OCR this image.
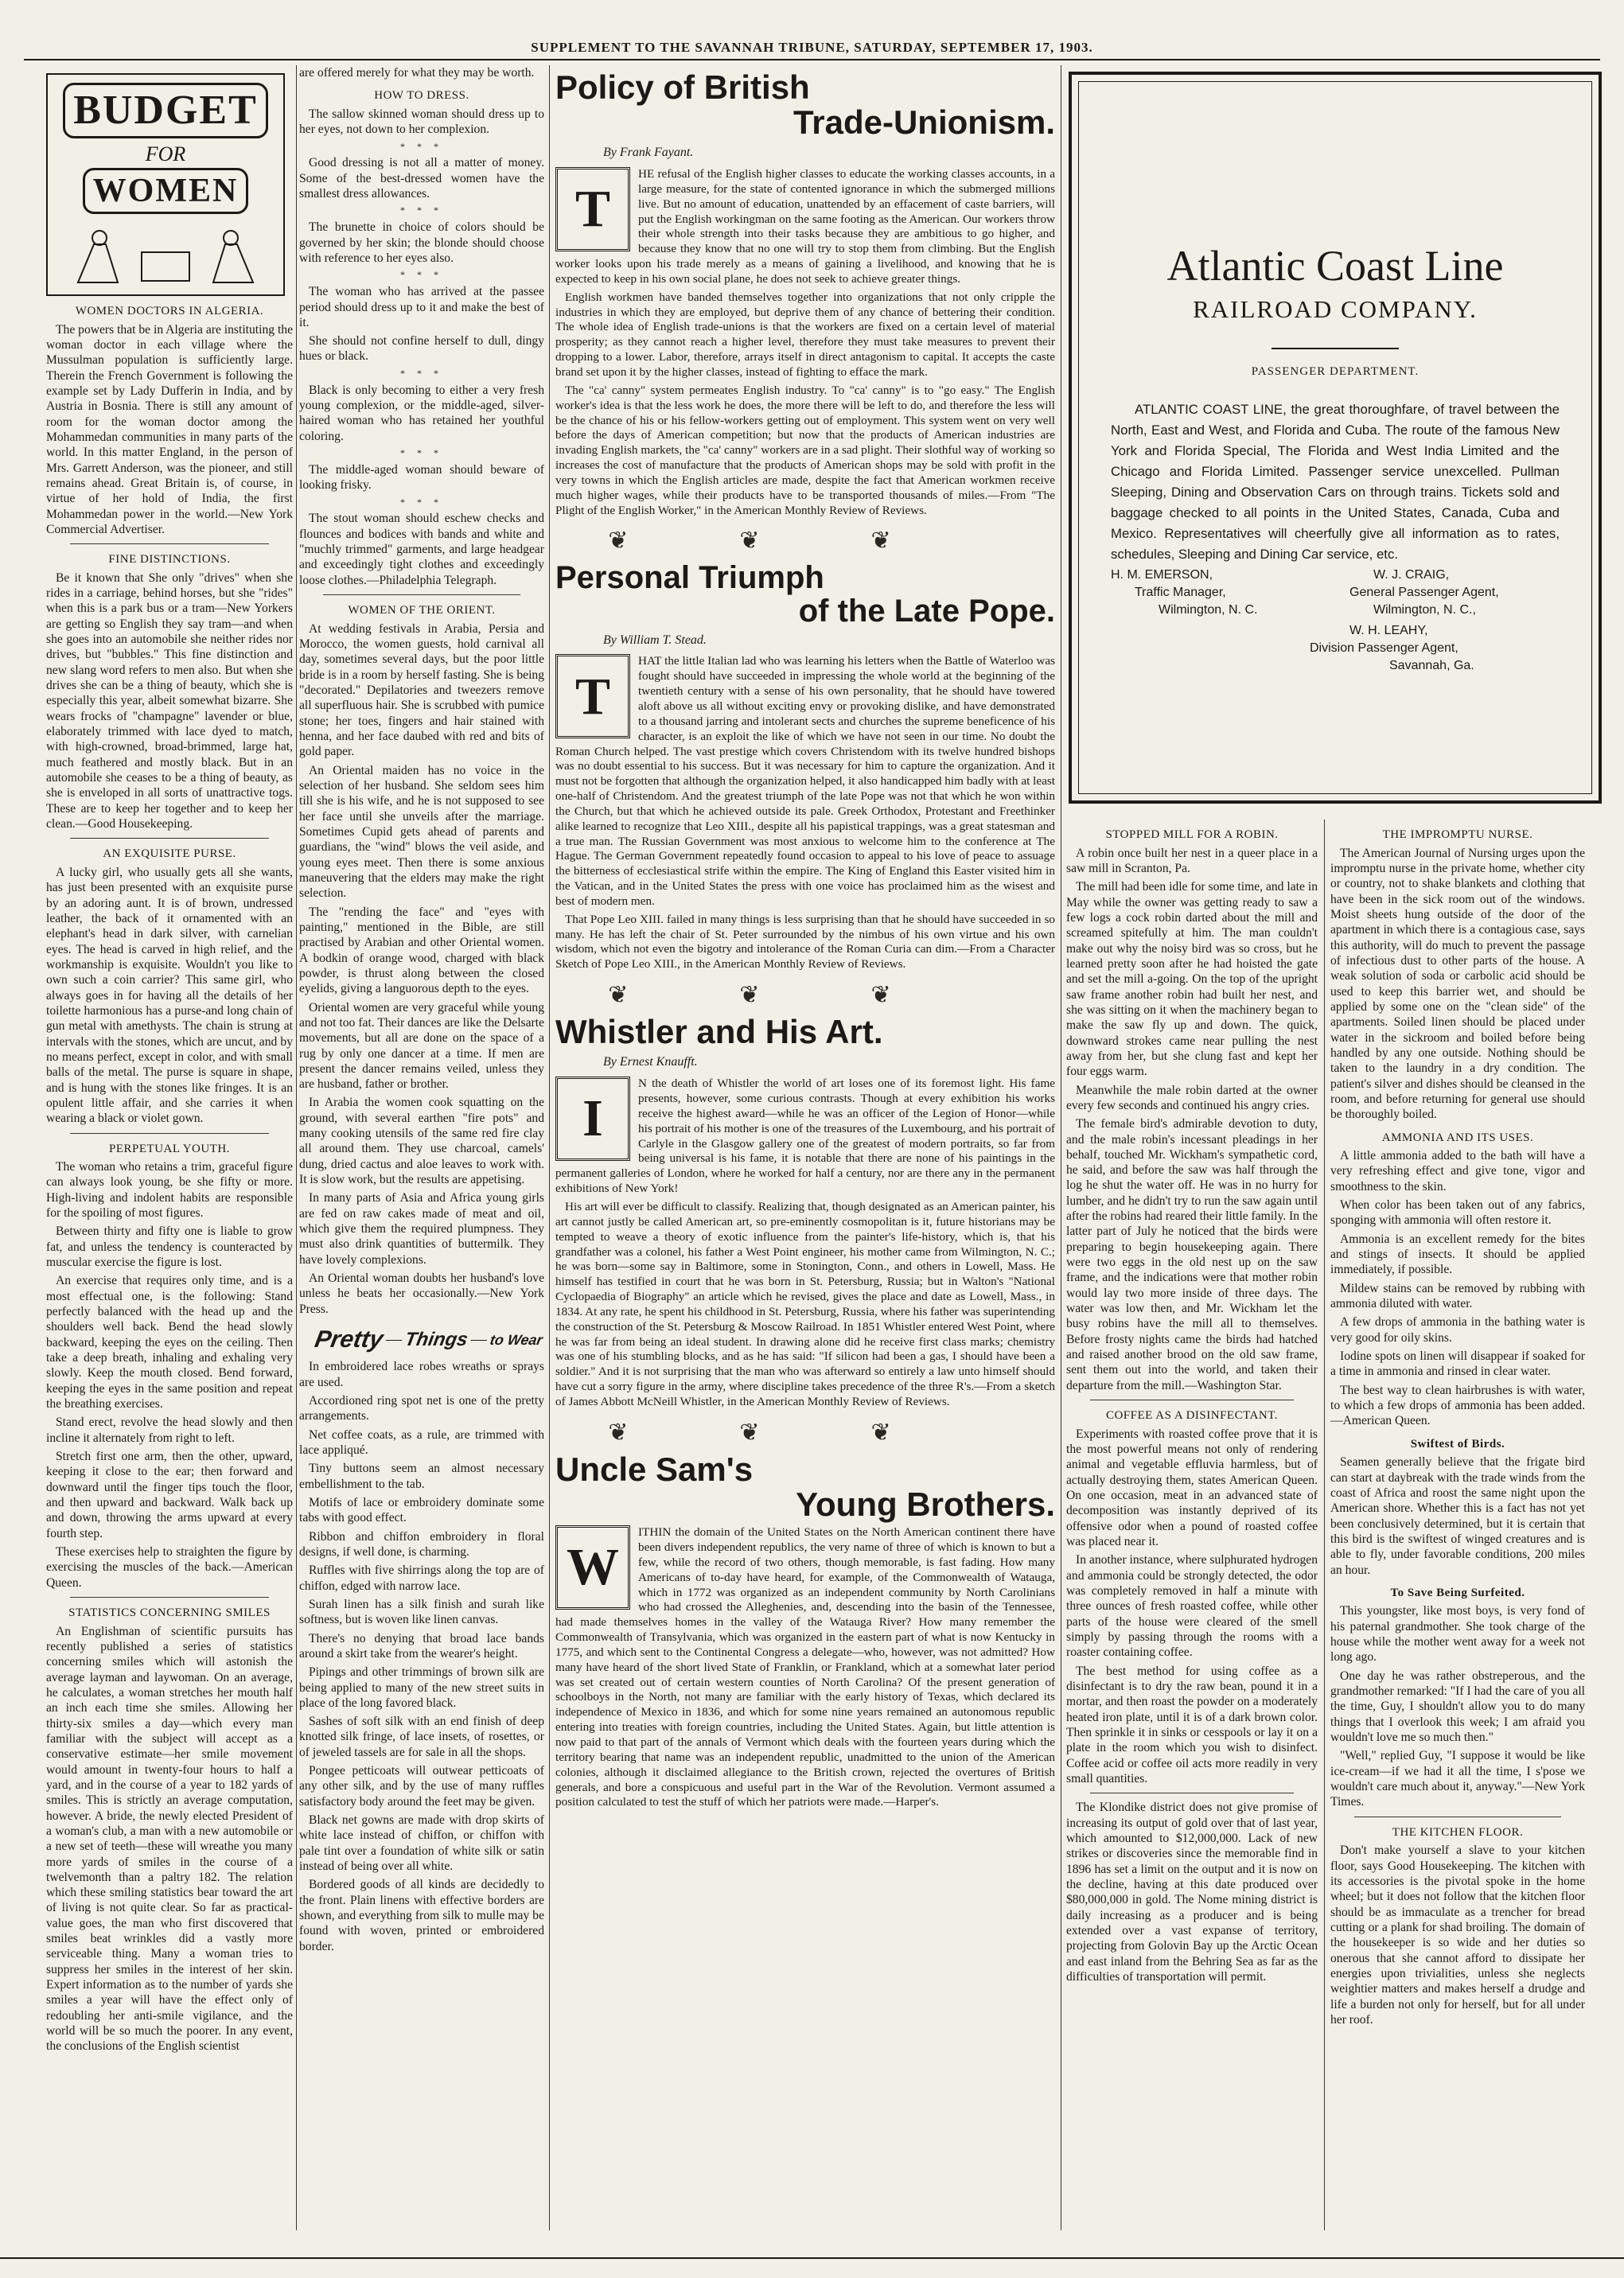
SUPPLEMENT TO THE SAVANNAH TRIBUNE, SATURDAY, SEPTEMBER 17, 1903.
BUDGET
FOR
WOMEN
WOMEN DOCTORS IN ALGERIA.

The powers that be in Algeria are instituting the woman doctor in each village where the Mussulman population is sufficiently large. Therein the French Government is following the example set by Lady Dufferin in India, and by Austria in Bosnia. There is still any amount of room for the woman doctor among the Mohammedan communities in many parts of the world. In this matter England, in the person of Mrs. Garrett Anderson, was the pioneer, and still remains ahead. Great Britain is, of course, in virtue of her hold of India, the first Mohammedan power in the world.—New York Commercial Advertiser.

FINE DISTINCTIONS.

Be it known that She only "drives" when she rides in a carriage, behind horses, but she "rides" when this is a park bus or a tram—New Yorkers are getting so English they say tram—and when she goes into an automobile she neither rides nor drives, but "bubbles." This fine distinction and new slang word refers to men also. But when she drives she can be a thing of beauty, which she is especially this year, albeit somewhat bizarre. She wears frocks of "champagne" lavender or blue, elaborately trimmed with lace dyed to match, with high-crowned, broad-brimmed, large hat, much feathered and mostly black. But in an automobile she ceases to be a thing of beauty, as she is enveloped in all sorts of unattractive togs. These are to keep her together and to keep her clean.—Good Housekeeping.

AN EXQUISITE PURSE.

A lucky girl, who usually gets all she wants, has just been presented with an exquisite purse by an adoring aunt. It is of brown, undressed leather, the back of it ornamented with an elephant's head in dark silver, with carnelian eyes. The head is carved in high relief, and the workmanship is exquisite. Wouldn't you like to own such a coin carrier? This same girl, who always goes in for having all the details of her toilette harmonious has a purse-and long chain of gun metal with amethysts. The chain is strung at intervals with the stones, which are uncut, and by no means perfect, except in color, and with small balls of the metal. The purse is square in shape, and is hung with the stones like fringes. It is an opulent little affair, and she carries it when wearing a black or violet gown.

PERPETUAL YOUTH.

The woman who retains a trim, graceful figure can always look young, be she fifty or more. High-living and indolent habits are responsible for the spoiling of most figures.

Between thirty and fifty one is liable to grow fat, and unless the tendency is counteracted by muscular exercise the figure is lost.

An exercise that requires only time, and is a most effectual one, is the following: Stand perfectly balanced with the head up and the shoulders well back. Bend the head slowly backward, keeping the eyes on the ceiling. Then take a deep breath, inhaling and exhaling very slowly. Keep the mouth closed. Bend forward, keeping the eyes in the same position and repeat the breathing exercises.

Stand erect, revolve the head slowly and then incline it alternately from right to left.

Stretch first one arm, then the other, upward, keeping it close to the ear; then forward and downward until the finger tips touch the floor, and then upward and backward. Walk back up and down, throwing the arms upward at every fourth step.

These exercises help to straighten the figure by exercising the muscles of the back.—American Queen.

STATISTICS CONCERNING SMILES

An Englishman of scientific pursuits has recently published a series of statistics concerning smiles which will astonish the average layman and laywoman. On an average, he calculates, a woman stretches her mouth half an inch each time she smiles. Allowing her thirty-six smiles a day—which every man familiar with the subject will accept as a conservative estimate—her smile movement would amount in twenty-four hours to half a yard, and in the course of a year to 182 yards of smiles. This is strictly an average computation, however. A bride, the newly elected President of a woman's club, a man with a new automobile or a new set of teeth—these will wreathe you many more yards of smiles in the course of a twelvemonth than a paltry 182. The relation which these smiling statistics bear toward the art of living is not quite clear. So far as practical-value goes, the man who first discovered that smiles beat wrinkles did a vastly more serviceable thing. Many a woman tries to suppress her smiles in the interest of her skin. Expert information as to the number of yards she smiles a year will have the effect only of redoubling her anti-smile vigilance, and the world will be so much the poorer. In any event, the conclusions of the English scientist

are offered merely for what they may be worth.

HOW TO DRESS.

The sallow skinned woman should dress up to her eyes, not down to her complexion.

* * *

Good dressing is not all a matter of money. Some of the best-dressed women have the smallest dress allowances.

* * *

The brunette in choice of colors should be governed by her skin; the blonde should choose with reference to her eyes also.

* * *

The woman who has arrived at the passee period should dress up to it and make the best of it.

She should not confine herself to dull, dingy hues or black.

* * *

Black is only becoming to either a very fresh young complexion, or the middle-aged, silver-haired woman who has retained her youthful coloring.

* * *

The middle-aged woman should beware of looking frisky.

* * *

The stout woman should eschew checks and flounces and bodices with bands and white and "muchly trimmed" garments, and large headgear and exceedingly tight clothes and exceedingly loose clothes.—Philadelphia Telegraph.

WOMEN OF THE ORIENT.

At wedding festivals in Arabia, Persia and Morocco, the women guests, hold carnival all day, sometimes several days, but the poor little bride is in a room by herself fasting. She is being "decorated." Depilatories and tweezers remove all superfluous hair. She is scrubbed with pumice stone; her toes, fingers and hair stained with henna, and her face daubed with red and bits of gold paper.

An Oriental maiden has no voice in the selection of her husband. She seldom sees him till she is his wife, and he is not supposed to see her face until she unveils after the marriage. Sometimes Cupid gets ahead of parents and guardians, the "wind" blows the veil aside, and young eyes meet. Then there is some anxious maneuvering that the elders may make the right selection.

The "rending the face" and "eyes with painting," mentioned in the Bible, are still practised by Arabian and other Oriental women. A bodkin of orange wood, charged with black powder, is thrust along between the closed eyelids, giving a languorous depth to the eyes.

Oriental women are very graceful while young and not too fat. Their dances are like the Delsarte movements, but all are done on the space of a rug by only one dancer at a time. If men are present the dancer remains veiled, unless they are husband, father or brother.

In Arabia the women cook squatting on the ground, with several earthen "fire pots" and many cooking utensils of the same red fire clay all around them. They use charcoal, camels' dung, dried cactus and aloe leaves to work with. It is slow work, but the results are appetising.

In many parts of Asia and Africa young girls are fed on raw cakes made of meat and oil, which give them the required plumpness. They must also drink quantities of buttermilk. They have lovely complexions.

An Oriental woman doubts her husband's love unless he beats her occasionally.—New York Press.

Pretty — Things — to Wear

In embroidered lace robes wreaths or sprays are used.

Accordioned ring spot net is one of the pretty arrangements.

Net coffee coats, as a rule, are trimmed with lace appliqué.

Tiny buttons seem an almost necessary embellishment to the tab.

Motifs of lace or embroidery dominate some tabs with good effect.

Ribbon and chiffon embroidery in floral designs, if well done, is charming.

Ruffles with five shirrings along the top are of chiffon, edged with narrow lace.

Surah linen has a silk finish and surah like softness, but is woven like linen canvas.

There's no denying that broad lace bands around a skirt take from the wearer's height.

Pipings and other trimmings of brown silk are being applied to many of the new street suits in place of the long favored black.

Sashes of soft silk with an end finish of deep knotted silk fringe, of lace insets, of rosettes, or of jeweled tassels are for sale in all the shops.

Pongee petticoats will outwear petticoats of any other silk, and by the use of many ruffles satisfactory body around the feet may be given.

Black net gowns are made with drop skirts of white lace instead of chiffon, or chiffon with pale tint over a foundation of white silk or satin instead of being over all white.

Bordered goods of all kinds are decidedly to the front. Plain linens with effective borders are shown, and everything from silk to mulle may be found with woven, printed or embroidered border.

Policy of British
Trade-Unionism.
By Frank Fayant.
T

HE refusal of the English higher classes to educate the working classes accounts, in a large measure, for the state of contented ignorance in which the submerged millions live. But no amount of education, unattended by an effacement of caste barriers, will put the English workingman on the same footing as the American. Our workers throw their whole strength into their tasks because they are ambitious to go higher, and because they know that no one will try to stop them from climbing. But the English worker looks upon his trade merely as a means of gaining a livelihood, and knowing that he is expected to keep in his own social plane, he does not seek to achieve greater things.

English workmen have banded themselves together into organizations that not only cripple the industries in which they are employed, but deprive them of any chance of bettering their condition. The whole idea of English trade-unions is that the workers are fixed on a certain level of material prosperity; as they cannot reach a higher level, therefore they must take measures to prevent their dropping to a lower. Labor, therefore, arrays itself in direct antagonism to capital. It accepts the caste brand set upon it by the higher classes, instead of fighting to efface the mark.

The "ca' canny" system permeates English industry. To "ca' canny" is to "go easy." The English worker's idea is that the less work he does, the more there will be left to do, and therefore the less will be the chance of his or his fellow-workers getting out of employment. This system went on very well before the days of American competition; but now that the products of American industries are invading English markets, the "ca' canny" workers are in a sad plight. Their slothful way of working so increases the cost of manufacture that the products of American shops may be sold with profit in the very towns in which the English articles are made, despite the fact that American workmen receive much higher wages, while their products have to be transported thousands of miles.—From "The Plight of the English Worker," in the American Monthly Review of Reviews.

❦❦❦
Personal Triumph
of the Late Pope.
By William T. Stead.
T

HAT the little Italian lad who was learning his letters when the Battle of Waterloo was fought should have succeeded in impressing the whole world at the beginning of the twentieth century with a sense of his own personality, that he should have towered aloft above us all without exciting envy or provoking dislike, and have demonstrated to a thousand jarring and intolerant sects and churches the supreme beneficence of his character, is an exploit the like of which we have not seen in our time. No doubt the Roman Church helped. The vast prestige which covers Christendom with its twelve hundred bishops was no doubt essential to his success. But it was necessary for him to capture the organization. And it must not be forgotten that although the organization helped, it also handicapped him badly with at least one-half of Christendom. And the greatest triumph of the late Pope was not that which he won within the Church, but that which he achieved outside its pale. Greek Orthodox, Protestant and Freethinker alike learned to recognize that Leo XIII., despite all his papistical trappings, was a great statesman and a true man. The Russian Government was most anxious to welcome him to the conference at The Hague. The German Government repeatedly found occasion to appeal to his love of peace to assuage the bitterness of ecclesiastical strife within the empire. The King of England this Easter visited him in the Vatican, and in the United States the press with one voice has proclaimed him as the wisest and best of modern men.

That Pope Leo XIII. failed in many things is less surprising than that he should have succeeded in so many. He has left the chair of St. Peter surrounded by the nimbus of his own virtue and his own wisdom, which not even the bigotry and intolerance of the Roman Curia can dim.—From a Character Sketch of Pope Leo XIII., in the American Monthly Review of Reviews.

❦❦❦
Whistler and His Art.
By Ernest Knaufft.
I

N the death of Whistler the world of art loses one of its foremost light. His fame presents, however, some curious contrasts. Though at every exhibition his works receive the highest award—while he was an officer of the Legion of Honor—while his portrait of his mother is one of the treasures of the Luxembourg, and his portrait of Carlyle in the Glasgow gallery one of the greatest of modern portraits, so far from being universal is his fame, it is notable that there are none of his paintings in the permanent galleries of London, where he worked for half a century, nor are there any in the permanent exhibitions of New York!

His art will ever be difficult to classify. Realizing that, though designated as an American painter, his art cannot justly be called American art, so pre-eminently cosmopolitan is it, future historians may be tempted to weave a theory of exotic influence from the painter's life-history, which is, that his grandfather was a colonel, his father a West Point engineer, his mother came from Wilmington, N. C.; he was born—some say in Baltimore, some in Stonington, Conn., and others in Lowell, Mass. He himself has testified in court that he was born in St. Petersburg, Russia; but in Walton's "National Cyclopaedia of Biography" an article which he revised, gives the place and date as Lowell, Mass., in 1834. At any rate, he spent his childhood in St. Petersburg, Russia, where his father was superintending the construction of the St. Petersburg & Moscow Railroad. In 1851 Whistler entered West Point, where he was far from being an ideal student. In drawing alone did he receive first class marks; chemistry was one of his stumbling blocks, and as he has said: "If silicon had been a gas, I should have been a soldier." And it is not surprising that the man who was afterward so entirely a law unto himself should have cut a sorry figure in the army, where discipline takes precedence of the three R's.—From a sketch of James Abbott McNeill Whistler, in the American Monthly Review of Reviews.

❦❦❦
Uncle Sam's
Young Brothers.
W

ITHIN the domain of the United States on the North American continent there have been divers independent republics, the very name of three of which is known to but a few, while the record of two others, though memorable, is fast fading. How many Americans of to-day have heard, for example, of the Commonwealth of Watauga, which in 1772 was organized as an independent community by North Carolinians who had crossed the Alleghenies, and, descending into the basin of the Tennessee, had made themselves homes in the valley of the Watauga River? How many remember the Commonwealth of Transylvania, which was organized in the eastern part of what is now Kentucky in 1775, and which sent to the Continental Congress a delegate—who, however, was not admitted? How many have heard of the short lived State of Franklin, or Frankland, which at a somewhat later period was set created out of certain western counties of North Carolina? Of the present generation of schoolboys in the North, not many are familiar with the early history of Texas, which declared its independence of Mexico in 1836, and which for some nine years remained an autonomous republic entering into treaties with foreign countries, including the United States. Again, but little attention is now paid to that part of the annals of Vermont which deals with the fourteen years during which the territory bearing that name was an independent republic, unadmitted to the union of the American colonies, although it disclaimed allegiance to the British crown, rejected the overtures of British generals, and bore a conspicuous and useful part in the War of the Revolution. Vermont assumed a position calculated to test the stuff of which her patriots were made.—Harper's.

Atlantic Coast Line
RAILROAD COMPANY.
PASSENGER DEPARTMENT.
ATLANTIC COAST LINE, the great thoroughfare, of travel between the North, East and West, and Florida and Cuba. The route of the famous New York and Florida Special, The Florida and West India Limited and the Chicago and Florida Limited. Passenger service unexcelled. Pullman Sleeping, Dining and Observation Cars on through trains. Tickets sold and baggage checked to all points in the United States, Canada, Cuba and Mexico. Representatives will cheerfully give all information as to rates, schedules, Sleeping and Dining Car service, etc.
H. M. EMERSON,
Traffic Manager,
Wilmington, N. C.
W. J. CRAIG,
General Passenger Agent,
Wilmington, N. C.,
W. H. LEAHY,
Division Passenger Agent,
Savannah, Ga.
STOPPED MILL FOR A ROBIN.

A robin once built her nest in a queer place in a saw mill in Scranton, Pa.

The mill had been idle for some time, and late in May while the owner was getting ready to saw a few logs a cock robin darted about the mill and screamed spitefully at him. The man couldn't make out why the noisy bird was so cross, but he learned pretty soon after he had hoisted the gate and set the mill a-going. On the top of the upright saw frame another robin had built her nest, and she was sitting on it when the machinery began to make the saw fly up and down. The quick, downward strokes came near pulling the nest away from her, but she clung fast and kept her four eggs warm.

Meanwhile the male robin darted at the owner every few seconds and continued his angry cries.

The female bird's admirable devotion to duty, and the male robin's incessant pleadings in her behalf, touched Mr. Wickham's sympathetic cord, he said, and before the saw was half through the log he shut the water off. He was in no hurry for lumber, and he didn't try to run the saw again until after the robins had reared their little family. In the latter part of July he noticed that the birds were preparing to begin housekeeping again. There were two eggs in the old nest up on the saw frame, and the indications were that mother robin would lay two more inside of three days. The water was low then, and Mr. Wickham let the busy robins have the mill all to themselves. Before frosty nights came the birds had hatched and raised another brood on the old saw frame, sent them out into the world, and taken their departure from the mill.—Washington Star.

COFFEE AS A DISINFECTANT.

Experiments with roasted coffee prove that it is the most powerful means not only of rendering animal and vegetable effluvia harmless, but of actually destroying them, states American Queen. On one occasion, meat in an advanced state of decomposition was instantly deprived of its offensive odor when a pound of roasted coffee was placed near it.

In another instance, where sulphurated hydrogen and ammonia could be strongly detected, the odor was completely removed in half a minute with three ounces of fresh roasted coffee, while other parts of the house were cleared of the smell simply by passing through the rooms with a roaster containing coffee.

The best method for using coffee as a disinfectant is to dry the raw bean, pound it in a mortar, and then roast the powder on a moderately heated iron plate, until it is of a dark brown color. Then sprinkle it in sinks or cesspools or lay it on a plate in the room which you wish to disinfect. Coffee acid or coffee oil acts more readily in very small quantities.

The Klondike district does not give promise of increasing its output of gold over that of last year, which amounted to $12,000,000. Lack of new strikes or discoveries since the memorable find in 1896 has set a limit on the output and it is now on the decline, having at this date produced over $80,000,000 in gold. The Nome mining district is daily increasing as a producer and is being extended over a vast expanse of territory, projecting from Golovin Bay up the Arctic Ocean and east inland from the Behring Sea as far as the difficulties of transportation will permit.

THE IMPROMPTU NURSE.

The American Journal of Nursing urges upon the impromptu nurse in the private home, whether city or country, not to shake blankets and clothing that have been in the sick room out of the windows. Moist sheets hung outside of the door of the apartment in which there is a contagious case, says this authority, will do much to prevent the passage of infectious dust to other parts of the house. A weak solution of soda or carbolic acid should be used to keep this barrier wet, and should be applied by some one on the "clean side" of the apartments. Soiled linen should be placed under water in the sickroom and boiled before being handled by any one outside. Nothing should be taken to the laundry in a dry condition. The patient's silver and dishes should be cleansed in the room, and before returning for general use should be thoroughly boiled.

AMMONIA AND ITS USES.

A little ammonia added to the bath will have a very refreshing effect and give tone, vigor and smoothness to the skin.

When color has been taken out of any fabrics, sponging with ammonia will often restore it.

Ammonia is an excellent remedy for the bites and stings of insects. It should be applied immediately, if possible.

Mildew stains can be removed by rubbing with ammonia diluted with water.

A few drops of ammonia in the bathing water is very good for oily skins.

Iodine spots on linen will disappear if soaked for a time in ammonia and rinsed in clear water.

The best way to clean hairbrushes is with water, to which a few drops of ammonia has been added.—American Queen.

Swiftest of Birds.

Seamen generally believe that the frigate bird can start at daybreak with the trade winds from the coast of Africa and roost the same night upon the American shore. Whether this is a fact has not yet been conclusively determined, but it is certain that this bird is the swiftest of winged creatures and is able to fly, under favorable conditions, 200 miles an hour.

To Save Being Surfeited.

This youngster, like most boys, is very fond of his paternal grandmother. She took charge of the house while the mother went away for a week not long ago.

One day he was rather obstreperous, and the grandmother remarked: "If I had the care of you all the time, Guy, I shouldn't allow you to do many things that I overlook this week; I am afraid you wouldn't love me so much then."

"Well," replied Guy, "I suppose it would be like ice-cream—if we had it all the time, I s'pose we wouldn't care much about it, anyway."—New York Times.

THE KITCHEN FLOOR.

Don't make yourself a slave to your kitchen floor, says Good Housekeeping. The kitchen with its accessories is the pivotal spoke in the home wheel; but it does not follow that the kitchen floor should be as immaculate as a trencher for bread cutting or a plank for shad broiling. The domain of the housekeeper is so wide and her duties so onerous that she cannot afford to dissipate her energies upon trivialities, unless she neglects weightier matters and makes herself a drudge and life a burden not only for herself, but for all under her roof.
